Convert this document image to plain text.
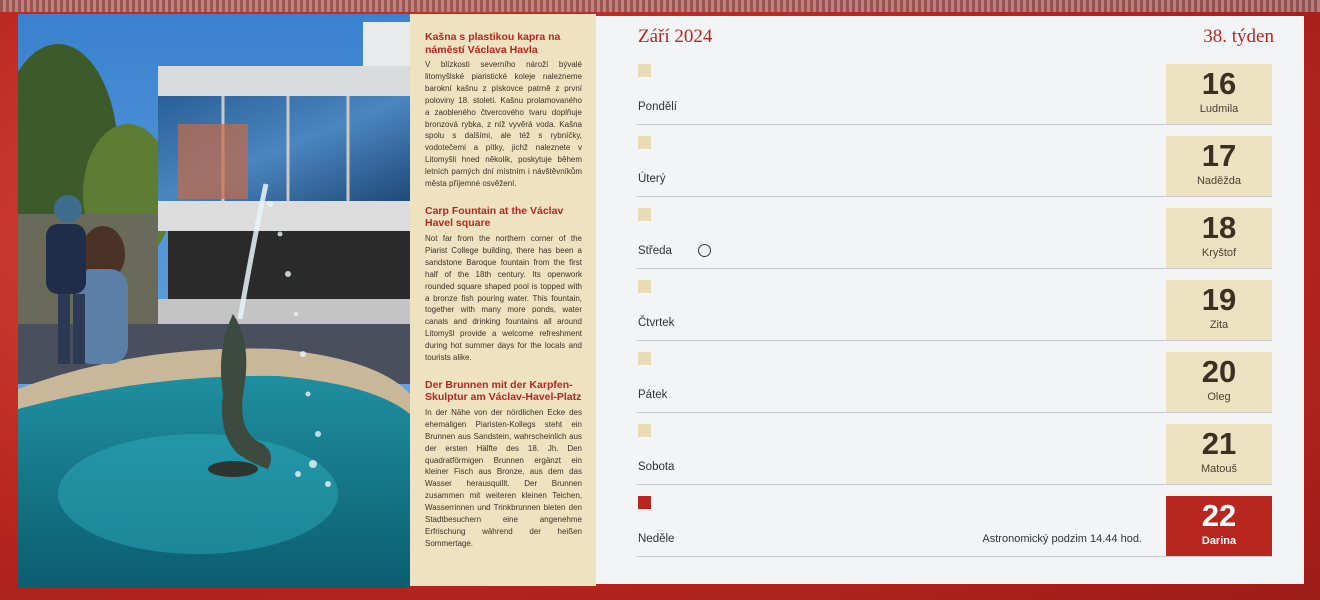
Kašna s plastikou kapra na náměstí Václava Havla

V blízkosti severního nároží bývalé litomyšlské piaristické koleje nalezneme barokní kašnu z pískovce patrně z první poloviny 18. století. Kašnu prolamovaného a zaobleného čtvercového tvaru doplňuje bronzová rybka, z níž vyvěrá voda. Kašna spolu s dalšími, ale též s rybníčky, vodotečemi a pítky, jichž naleznete v Litomyšli hned několik, poskytuje během letních parných dní místním i návštěvníkům města příjemné osvěžení.

Carp Fountain at the Václav Havel square

Not far from the northern corner of the Piarist College building, there has been a sandstone Baroque fountain from the first half of the 18th century. Its openwork rounded square shaped pool is topped with a bronze fish pouring water. This fountain, together with many more ponds, water canals and drinking fountains all around Litomyšl provide a welcome refreshment during hot summer days for the locals and tourists alike.

Der Brunnen mit der Karpfen-Skulptur am Václav-Havel-Platz

In der Nähe von der nördlichen Ecke des ehemaligen Piaristen-Kollegs steht ein Brunnen aus Sandstein, wahrscheinlich aus der ersten Hälfte des 18. Jh. Den quadratförmigen Brunnen ergänzt ein kleiner Fisch aus Bronze, aus dem das Wasser herausquillt. Der Brunnen zusammen mit weiteren kleinen Teichen, Wasserrinnen und Trinkbrunnen bieten den Stadtbesuchern eine angenehme Erfrischung während der heißen Sommertage.

Září 2024	38. týden
Pondělí
16
Ludmila
Úterý
17
Naděžda
Středa
18
Kryštof
Čtvrtek
19
Zita
Pátek
20
Oleg
Sobota
21
Matouš
Neděle	Astronomický podzim 14.44 hod.
22
Darina
